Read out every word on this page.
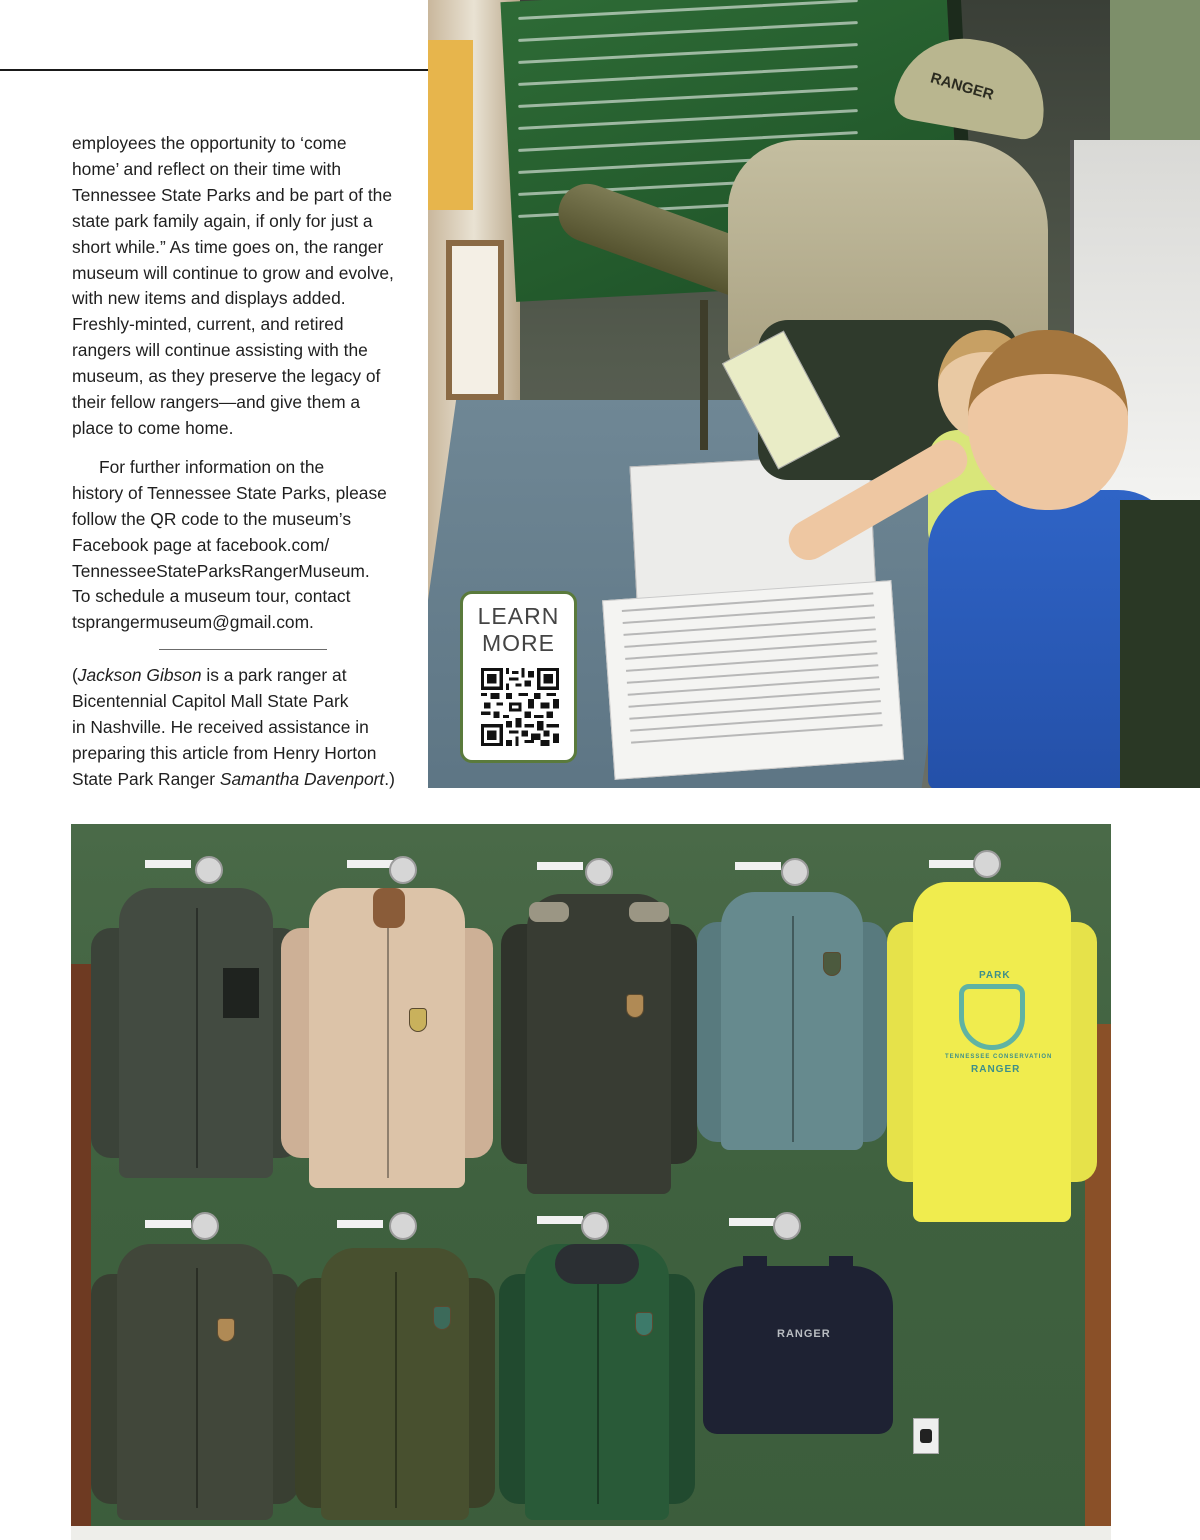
employees the opportunity to ‘come
home’ and reflect on their time with
Tennessee State Parks and be part of the
state park family again, if only for just a
short while.” As time goes on, the ranger
museum will continue to grow and evolve,
with new items and displays added.
Freshly-minted, current, and retired
rangers will continue assisting with the
museum, as they preserve the legacy of
their fellow rangers—and give them a
place to come home.

For further information on the
history of Tennessee State Parks, please
follow the QR code to the museum’s
Facebook page at facebook.com/
TennesseeStateParksRangerMuseum.
To schedule a museum tour, contact
tsprangermuseum@gmail.com.

(Jackson Gibson is a park ranger at
Bicentennial Capitol Mall State Park
in Nashville. He received assistance in
preparing this article from Henry Horton
State Park Ranger Samantha Davenport.)

RANGER
LEARN
MORE
PARK
TENNESSEE CONSERVATION
RANGER
RANGER
